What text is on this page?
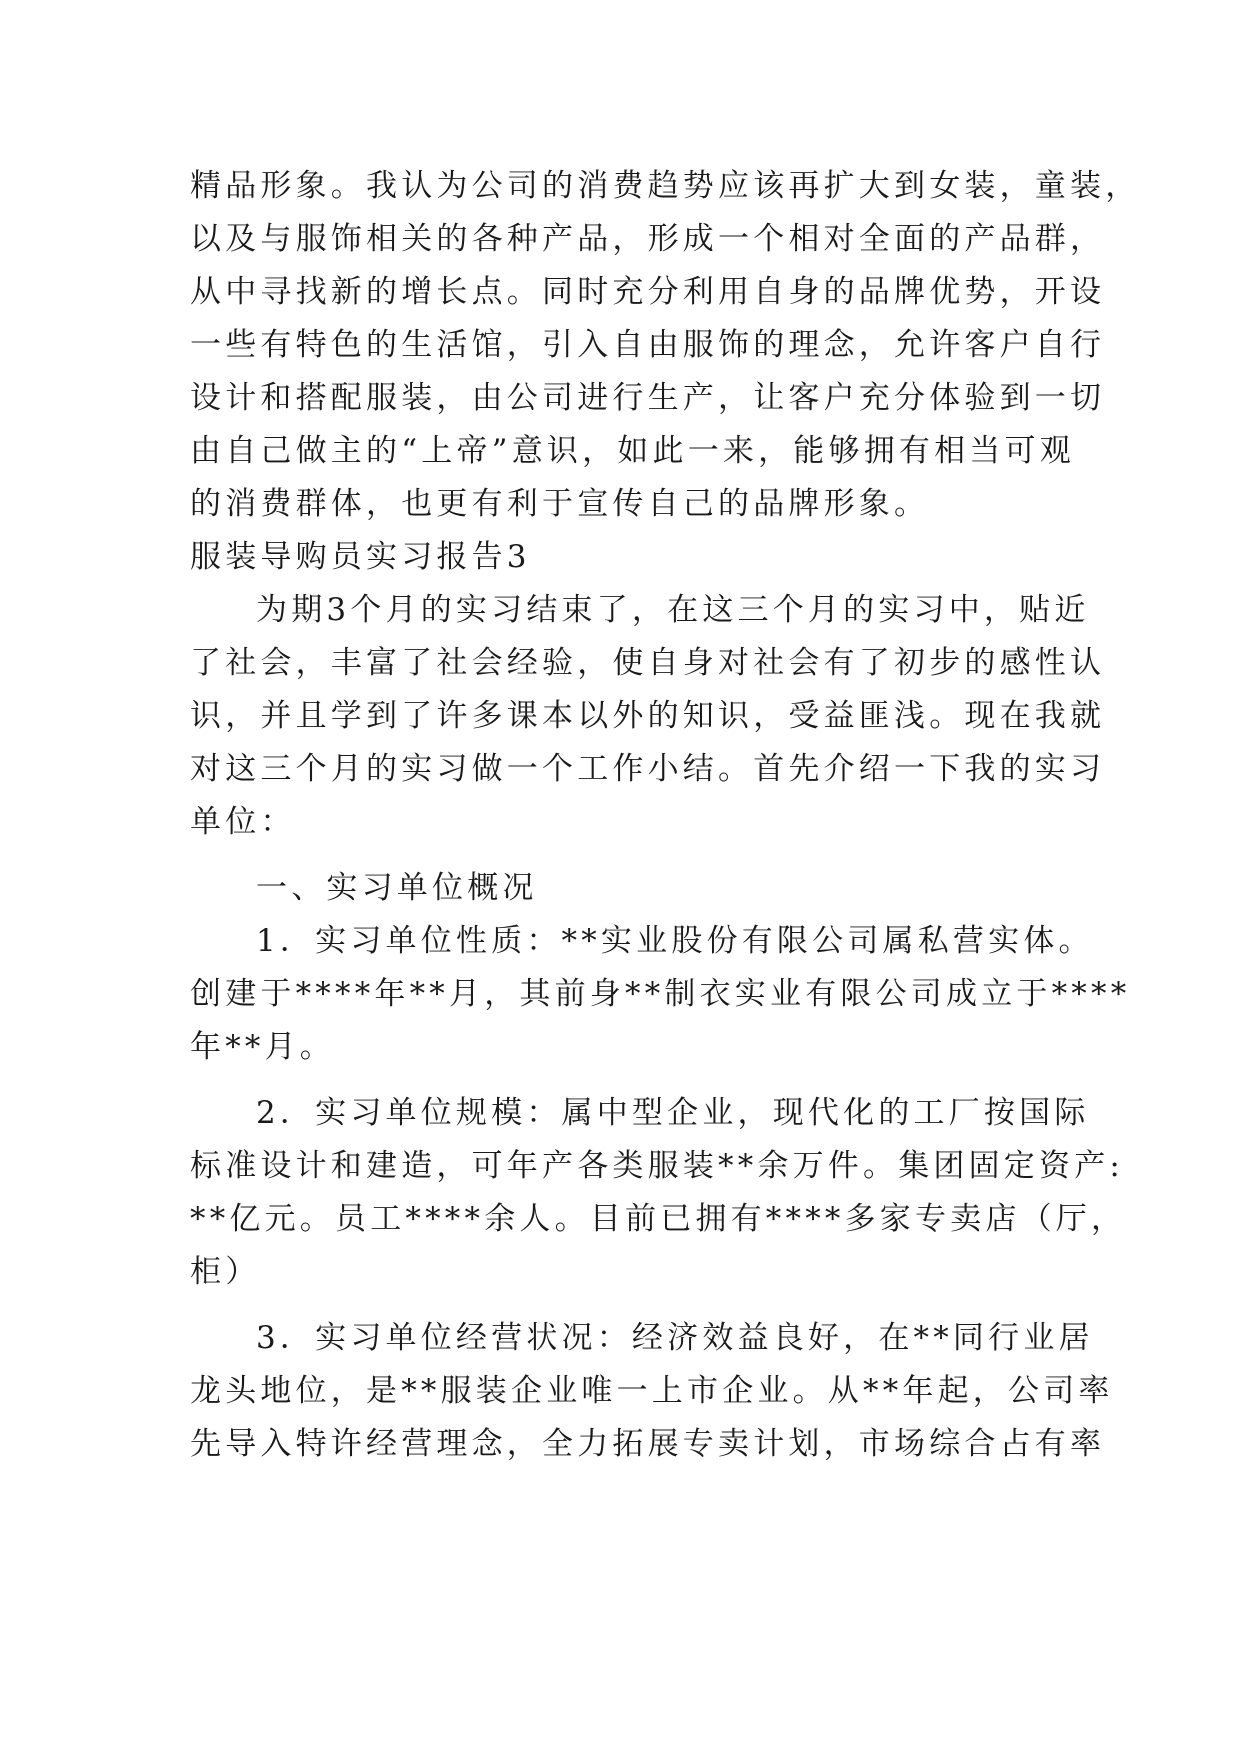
精品形象。我认为公司的消费趋势应该再扩大到女装，童装，
以及与服饰相关的各种产品，形成一个相对全面的产品群，
从中寻找新的增长点。同时充分利用自身的品牌优势，开设
一些有特色的生活馆，引入自由服饰的理念，允许客户自行
设计和搭配服装，由公司进行生产，让客户充分体验到一切
由自己做主的“上帝”意识，如此一来，能够拥有相当可观
的消费群体，也更有利于宣传自己的品牌形象。
服装导购员实习报告3
为期3个月的实习结束了，在这三个月的实习中，贴近
了社会，丰富了社会经验，使自身对社会有了初步的感性认
识，并且学到了许多课本以外的知识，受益匪浅。现在我就
对这三个月的实习做一个工作小结。首先介绍一下我的实习
单位：
一、实习单位概况
1．实习单位性质：**实业股份有限公司属私营实体。
创建于****年**月，其前身**制衣实业有限公司成立于****
年**月。
2．实习单位规模：属中型企业，现代化的工厂按国际
标准设计和建造，可年产各类服装**余万件。集团固定资产:
**亿元。员工****余人。目前已拥有****多家专卖店（厅，
柜）
3．实习单位经营状况：经济效益良好，在**同行业居
龙头地位，是**服装企业唯一上市企业。从**年起，公司率
先导入特许经营理念，全力拓展专卖计划，市场综合占有率
